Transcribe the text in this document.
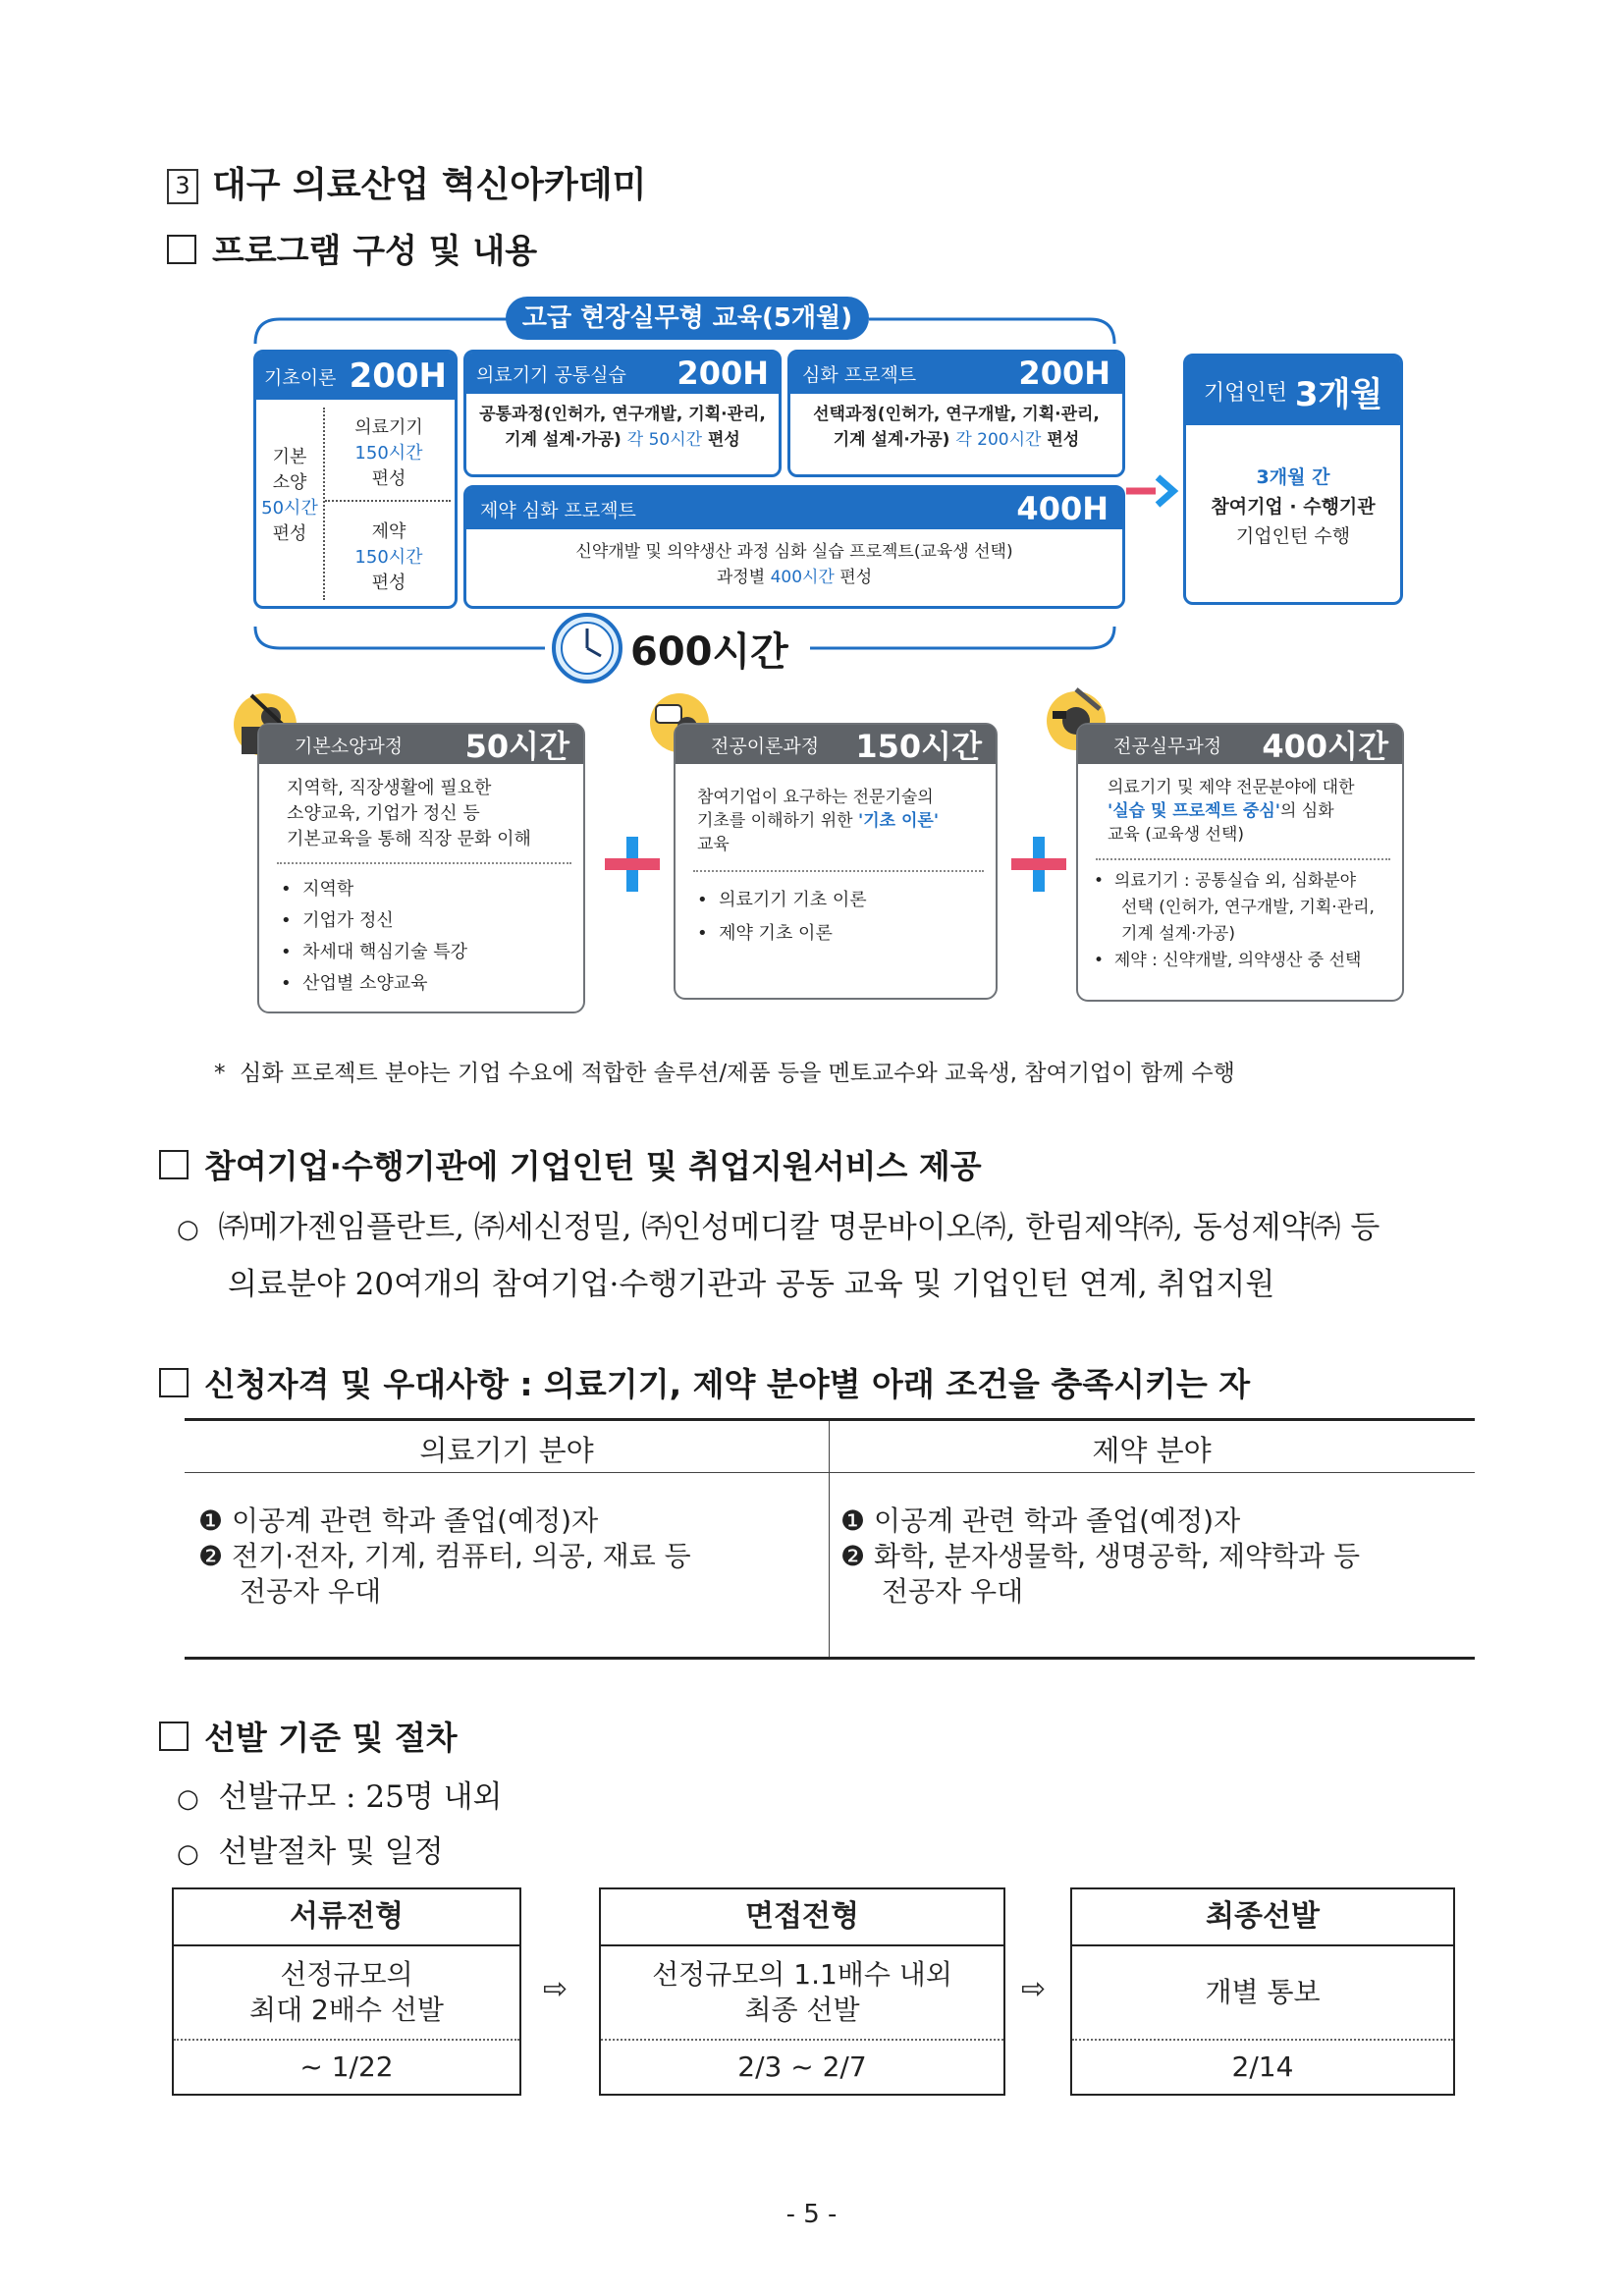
3 대구 의료산업 혁신아카데미
프로그램 구성 및 내용
고급 현장실무형 교육(5개월)
기초이론 200H
기본
소양
50시간
편성
의료기기
150시간
편성
제약
150시간
편성
의료기기 공통실습 200H
공통과정(인허가, 연구개발, 기획·관리,
기계 설계·가공) 각 50시간 편성
심화 프로젝트	200H
선택과정(인허가, 연구개발, 기획·관리,
기계 설계·가공) 각 200시간 편성
제약 심화 프로젝트	400H
신약개발 및 의약생산 과정 심화 실습 프로젝트(교육생 선택)
과정별 400시간 편성
기업인턴 3개월
3개월 간
참여기업 · 수행기관
기업인턴 수행
600시간
기본소양과정 50시간
지역학, 직장생활에 필요한
소양교육, 기업가 정신 등
기본교육을 통해 직장 문화 이해
•  지역학
•  기업가 정신
•  차세대 핵심기술 특강
•  산업별 소양교육
전공이론과정 150시간
참여기업이 요구하는 전문기술의
기초를 이해하기 위한 '기초 이론'
교육
•  의료기기 기초 이론
•  제약 기초 이론
전공실무과정 400시간
의료기기 및 제약 전문분야에 대한
'실습 및 프로젝트 중심'의 심화
교육 (교육생 선택)
•  의료기기 : 공통실습 외, 심화분야
선택 (인허가, 연구개발, 기획·관리,
기계 설계·가공)
•  제약 : 신약개발, 의약생산 중 선택
* 심화 프로젝트 분야는 기업 수요에 적합한 솔루션/제품 등을 멘토교수와 교육생, 참여기업이 함께 수행
참여기업·수행기관에 기업인턴 및 취업지원서비스 제공
○ ㈜메가젠임플란트, ㈜세신정밀, ㈜인성메디칼 명문바이오㈜, 한림제약㈜, 동성제약㈜ 등
의료분야 20여개의 참여기업·수행기관과 공동 교육 및 기업인턴 연계, 취업지원
신청자격 및 우대사항 : 의료기기, 제약 분야별 아래 조건을 충족시키는 자
의료기기 분야	제약 분야
❶ 이공계 관련 학과 졸업(예정)자
❷ 전기·전자, 기계, 컴퓨터, 의공, 재료 등
전공자 우대
❶ 이공계 관련 학과 졸업(예정)자
❷ 화학, 분자생물학, 생명공학, 제약학과 등
전공자 우대
선발 기준 및 절차
○ 선발규모 : 25명 내외
○ 선발절차 및 일정
서류전형
선정규모의
최대 2배수 선발
~ 1/22
⇨
면접전형
선정규모의 1.1배수 내외
최종 선발
2/3 ~ 2/7
⇨
최종선발
개별 통보
2/14
- 5 -
